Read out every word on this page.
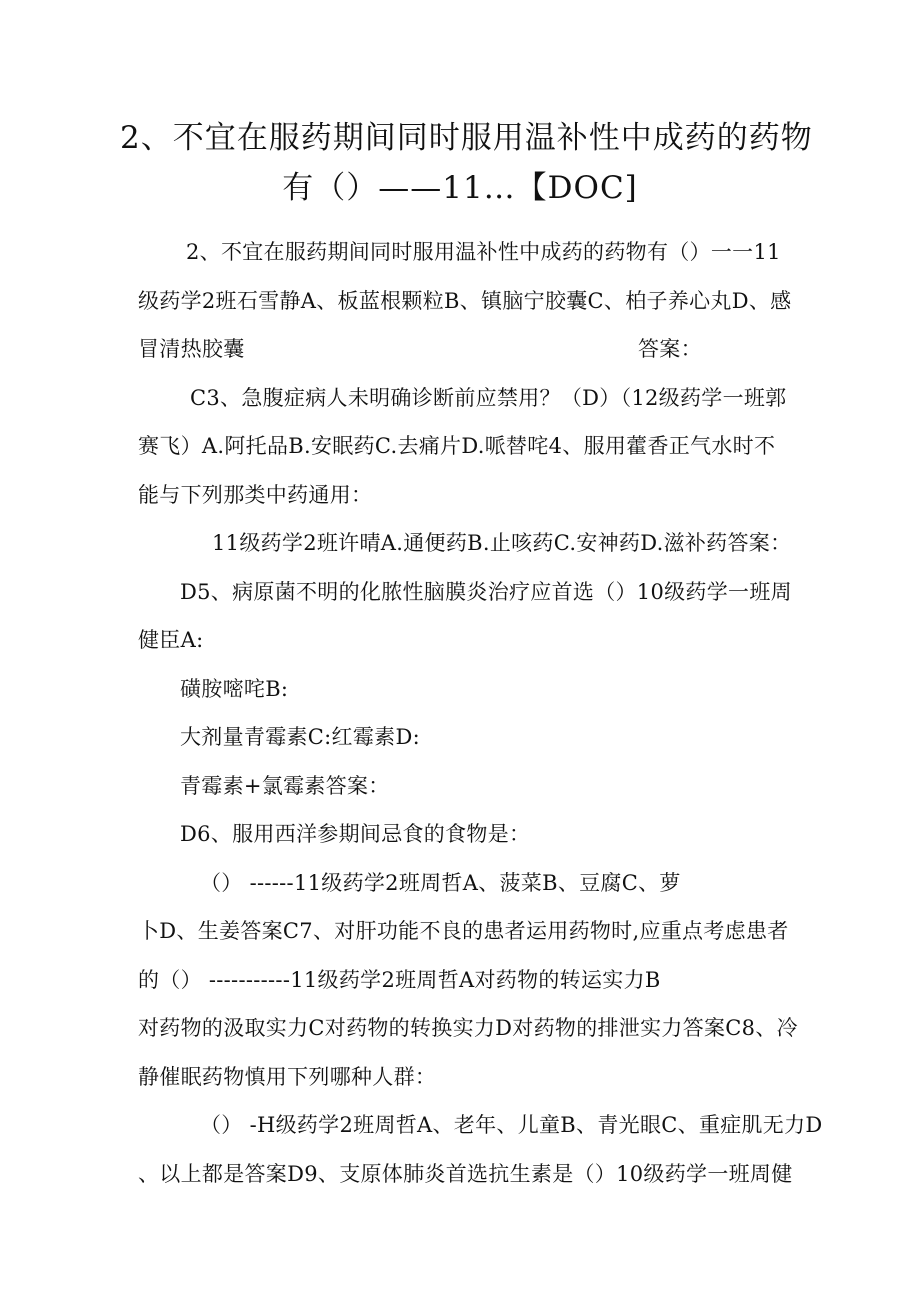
2、不宜在服药期间同时服用温补性中成药的药物
有（）——11…【DOC]
2、不宜在服药期间同时服用温补性中成药的药物有（）一一11
级药学2班石雪静A、板蓝根颗粒B、镇脑宁胶囊C、柏子养心丸D、感
冒清热胶囊	答案：
C3、急腹症病人未明确诊断前应禁用？（D）（12级药学一班郭
赛飞）A.阿托品B.安眠药C.去痛片D.哌替咤4、服用藿香正气水时不
能与下列那类中药通用：
11级药学2班许晴A.通便药B.止咳药C.安神药D.滋补药答案：
D5、病原菌不明的化脓性脑膜炎治疗应首选（）10级药学一班周
健臣A:
磺胺嘧咤B:
大剂量青霉素C:红霉素D:
青霉素+氯霉素答案：
D6、服用西洋参期间忌食的食物是：
（） ------11级药学2班周哲A、菠菜B、豆腐C、萝
卜D、生姜答案C7、对肝功能不良的患者运用药物时,应重点考虑患者
的（） -----------11级药学2班周哲A对药物的转运实力B
对药物的汲取实力C对药物的转换实力D对药物的排泄实力答案C8、冷
静催眠药物慎用下列哪种人群：
（） -H级药学2班周哲A、老年、儿童B、青光眼C、重症肌无力D
、以上都是答案D9、支原体肺炎首选抗生素是（）10级药学一班周健
